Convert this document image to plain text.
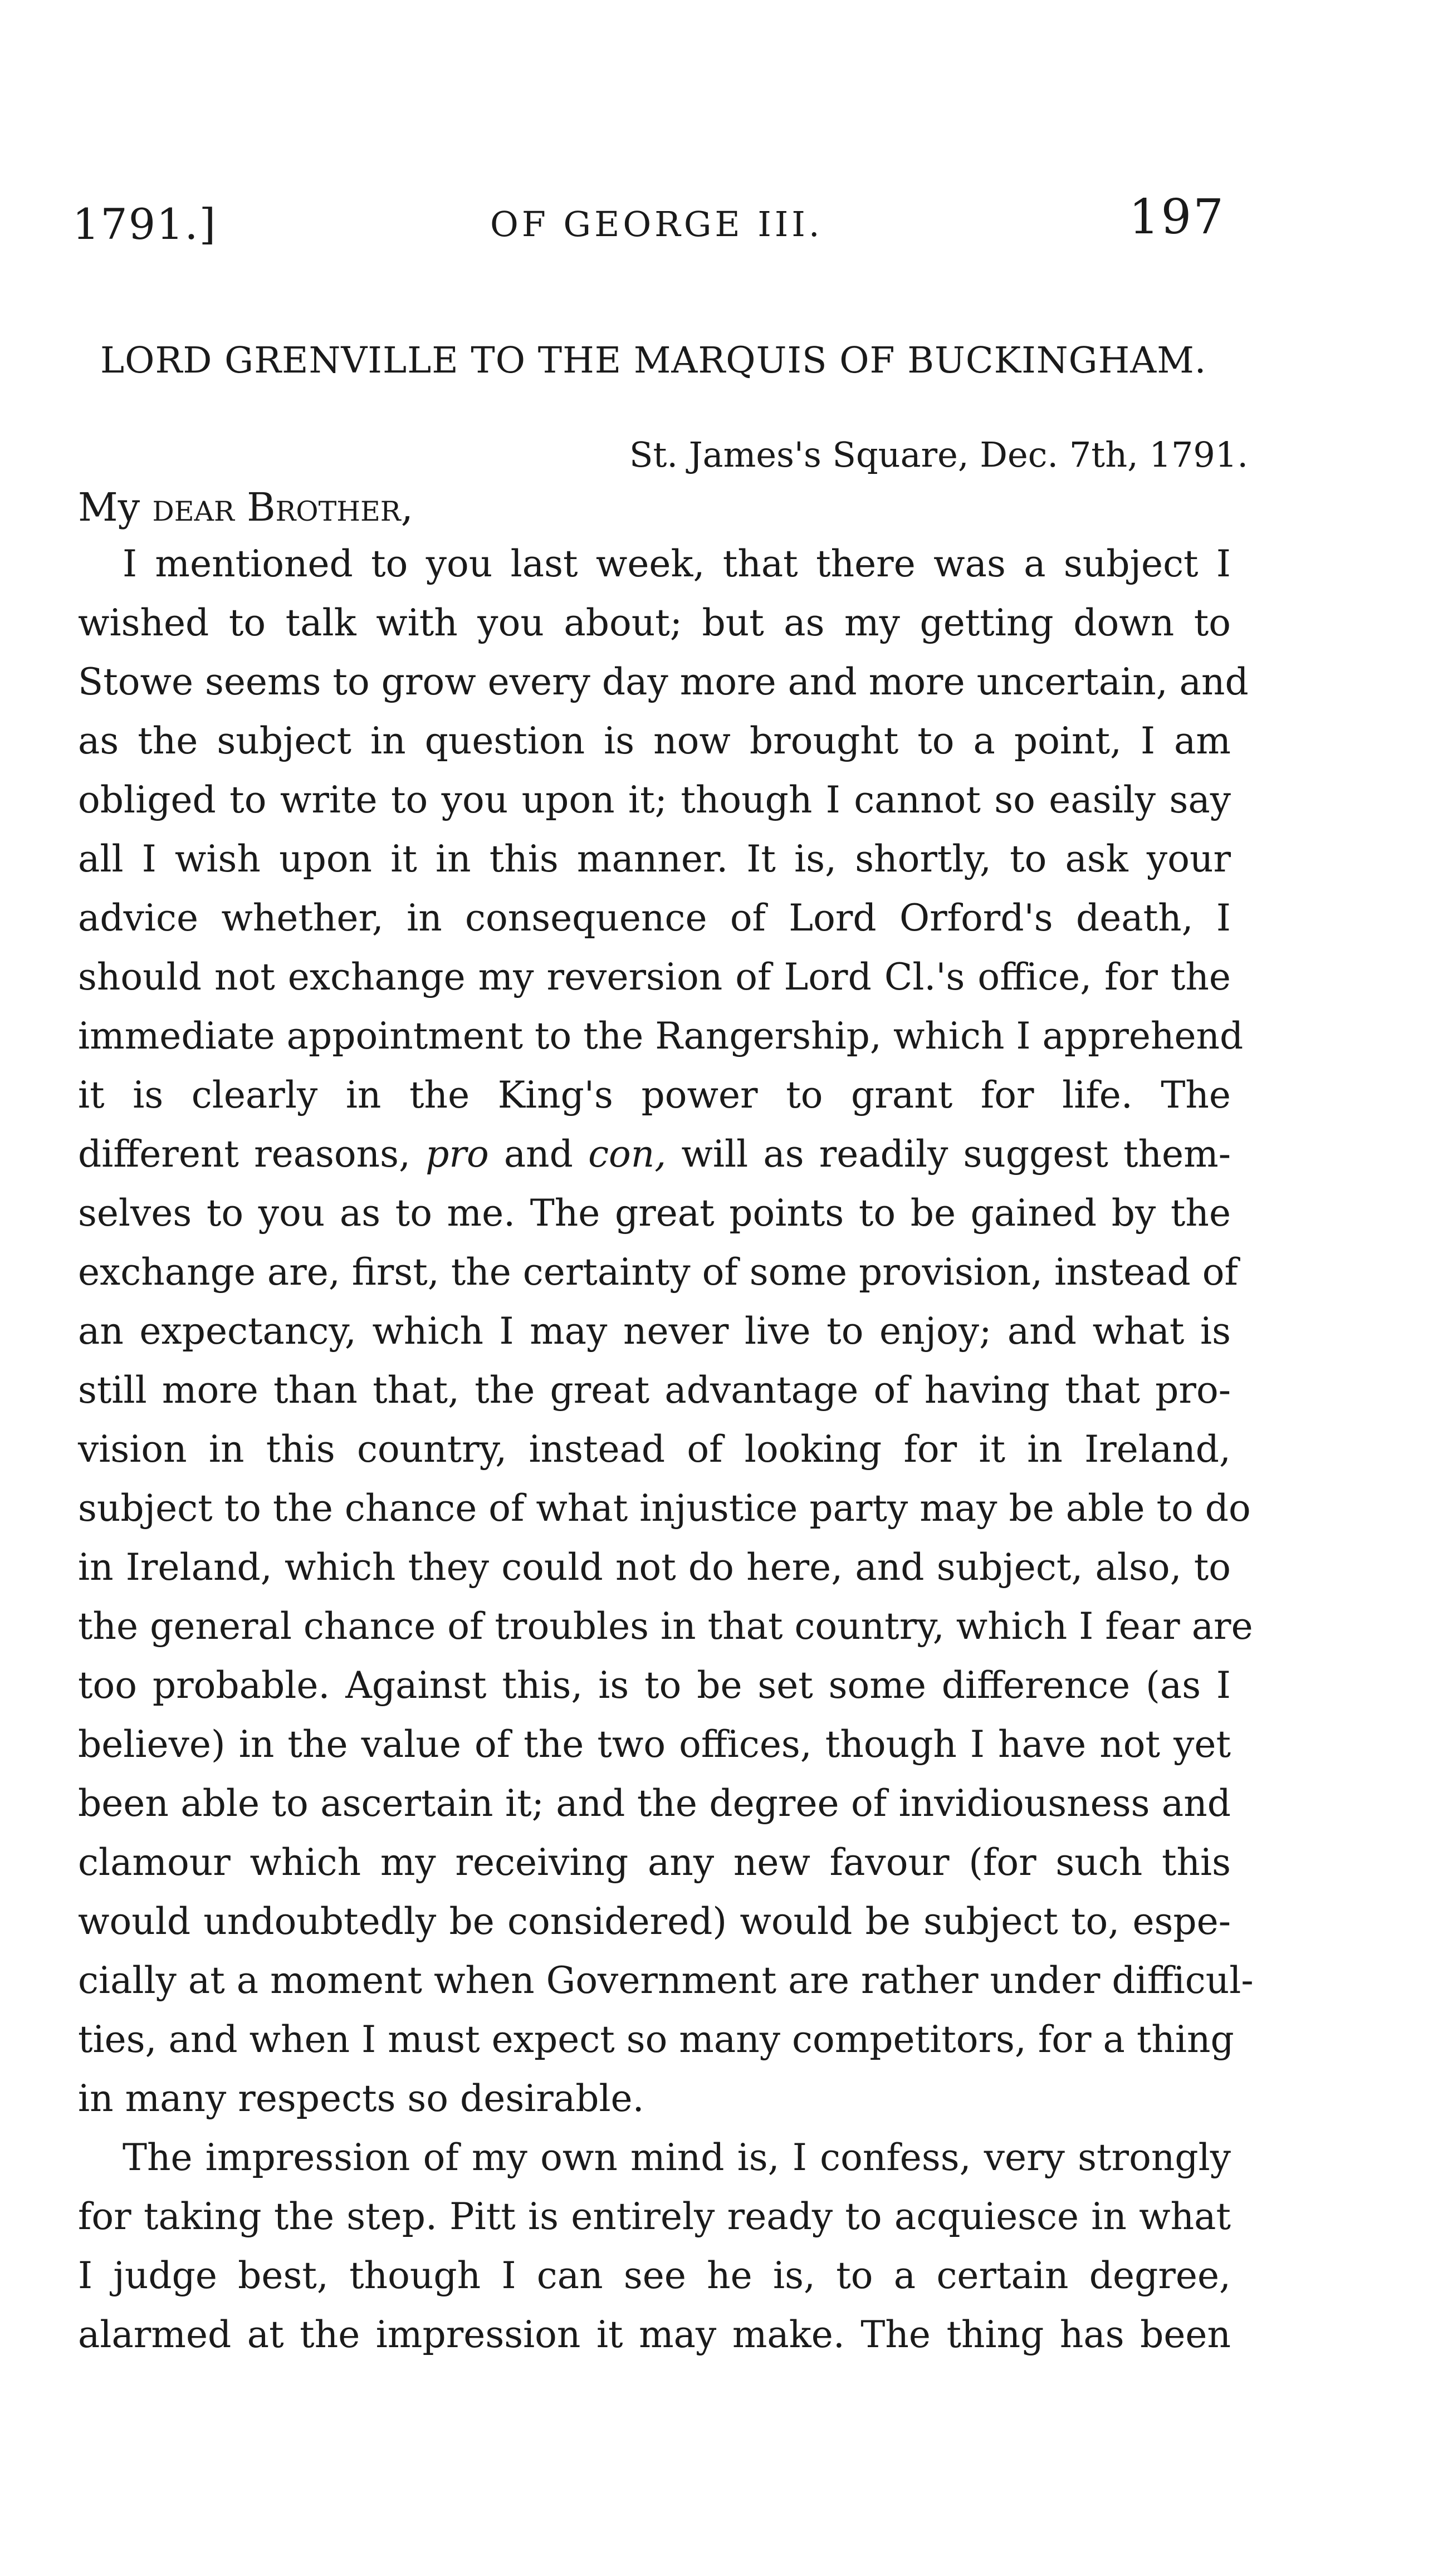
1791.]	OF GEORGE III.	197
LORD GRENVILLE TO THE MARQUIS OF BUCKINGHAM.
St. James's Square, Dec. 7th, 1791.
My dear Brother,
I mentioned to you last week, that there was a subject I
wished to talk with you about; but as my getting down to
Stowe seems to grow every day more and more uncertain, and
as the subject in question is now brought to a point, I am
obliged to write to you upon it; though I cannot so easily say
all I wish upon it in this manner. It is, shortly, to ask your
advice whether, in consequence of Lord Orford's death, I
should not exchange my reversion of Lord Cl.'s office, for the
immediate appointment to the Rangership, which I apprehend
it is clearly in the King's power to grant for life. The
different reasons, pro and con, will as readily suggest them-
selves to you as to me. The great points to be gained by the
exchange are, first, the certainty of some provision, instead of
an expectancy, which I may never live to enjoy; and what is
still more than that, the great advantage of having that pro-
vision in this country, instead of looking for it in Ireland,
subject to the chance of what injustice party may be able to do
in Ireland, which they could not do here, and subject, also, to
the general chance of troubles in that country, which I fear are
too probable. Against this, is to be set some difference (as I
believe) in the value of the two offices, though I have not yet
been able to ascertain it; and the degree of invidiousness and
clamour which my receiving any new favour (for such this
would undoubtedly be considered) would be subject to, espe-
cially at a moment when Government are rather under difficul-
ties, and when I must expect so many competitors, for a thing
in many respects so desirable.
The impression of my own mind is, I confess, very strongly
for taking the step. Pitt is entirely ready to acquiesce in what
I judge best, though I can see he is, to a certain degree,
alarmed at the impression it may make. The thing has been
